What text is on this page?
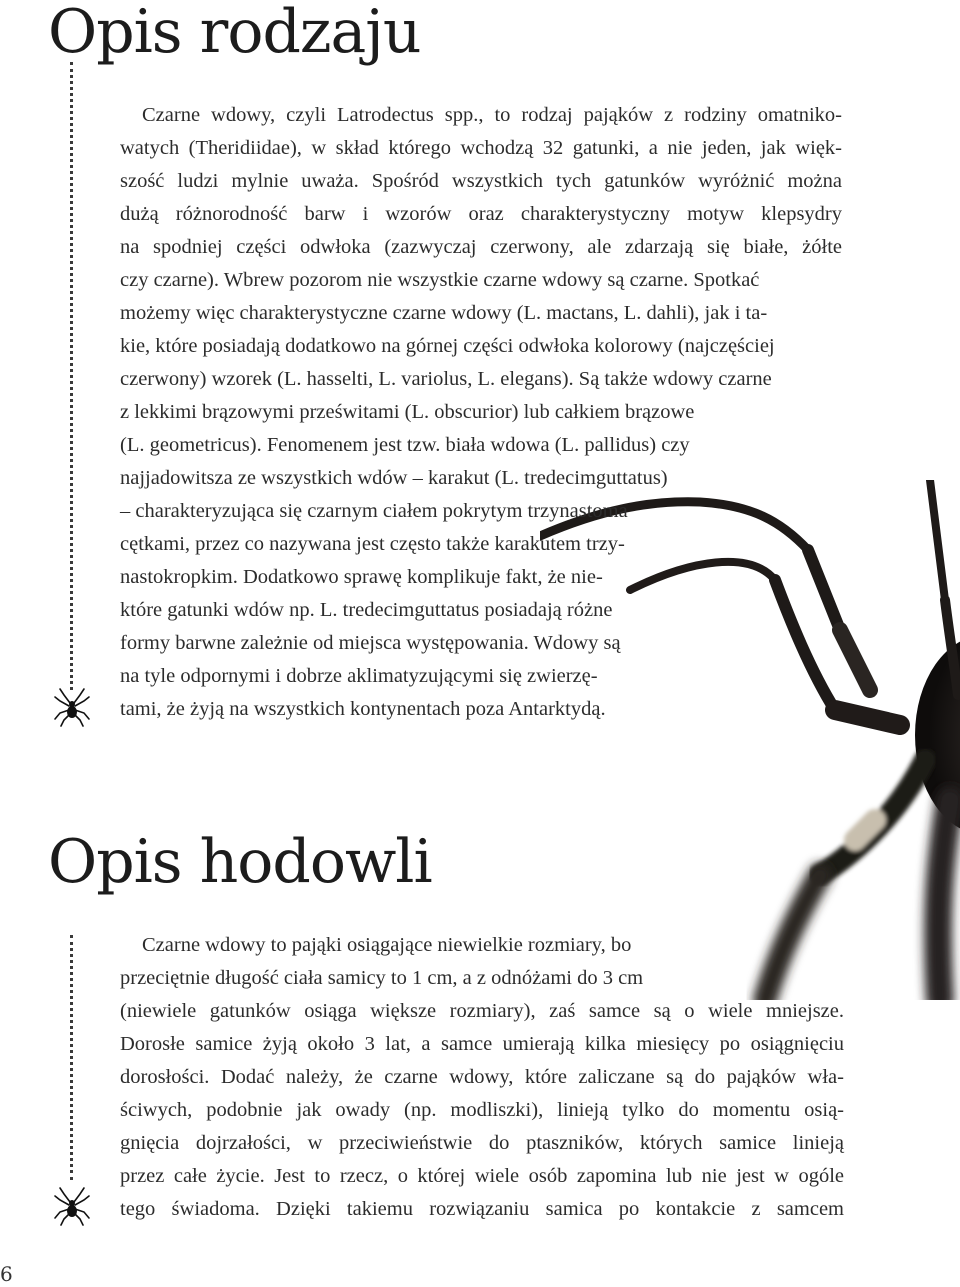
Opis rodzaju
Czarne wdowy, czyli Latrodectus spp., to rodzaj pająków z rodziny omatniko-
watych (Theridiidae), w skład którego wchodzą 32 gatunki, a nie jeden, jak więk-
szość ludzi mylnie uważa. Spośród wszystkich tych gatunków wyróżnić można
dużą różnorodność barw i wzorów oraz charakterystyczny motyw klepsydry
na spodniej części odwłoka (zazwyczaj czerwony, ale zdarzają się białe, żółte
czy czarne). Wbrew pozorom nie wszystkie czarne wdowy są czarne. Spotkać
możemy więc charakterystyczne czarne wdowy (L. mactans, L. dahli), jak i ta-
kie, które posiadają dodatkowo na górnej części odwłoka kolorowy (najczęściej
czerwony) wzorek (L. hasselti, L. variolus, L. elegans). Są także wdowy czarne
z lekkimi brązowymi prześwitami (L. obscurior) lub całkiem brązowe
(L. geometricus). Fenomenem jest tzw. biała wdowa (L. pallidus) czy
najjadowitsza ze wszystkich wdów – karakut (L. tredecimguttatus)
– charakteryzująca się czarnym ciałem pokrytym trzynastoma
cętkami, przez co nazywana jest często także karakutem trzy-
nastokropkim. Dodatkowo sprawę komplikuje fakt, że nie-
które gatunki wdów np. L. tredecimguttatus posiadają różne
formy barwne zależnie od miejsca występowania. Wdowy są
na tyle odpornymi i dobrze aklimatyzującymi się zwierzę-
tami, że żyją na wszystkich kontynentach poza Antarktydą.
Opis hodowli
Czarne wdowy to pająki osiągające niewielkie rozmiary, bo
przeciętnie długość ciała samicy to 1 cm, a z odnóżami do 3 cm
(niewiele gatunków osiąga większe rozmiary), zaś samce są o wiele mniejsze.
Dorosłe samice żyją około 3 lat, a samce umierają kilka miesięcy po osiągnięciu
dorosłości. Dodać należy, że czarne wdowy, które zaliczane są do pająków wła-
ściwych, podobnie jak owady (np. modliszki), linieją tylko do momentu osią-
gnięcia dojrzałości, w przeciwieństwie do ptaszników, których samice linieją
przez całe życie. Jest to rzecz, o której wiele osób zapomina lub nie jest w ogóle
tego świadoma. Dzięki takiemu rozwiązaniu samica po kontakcie z samcem
6
